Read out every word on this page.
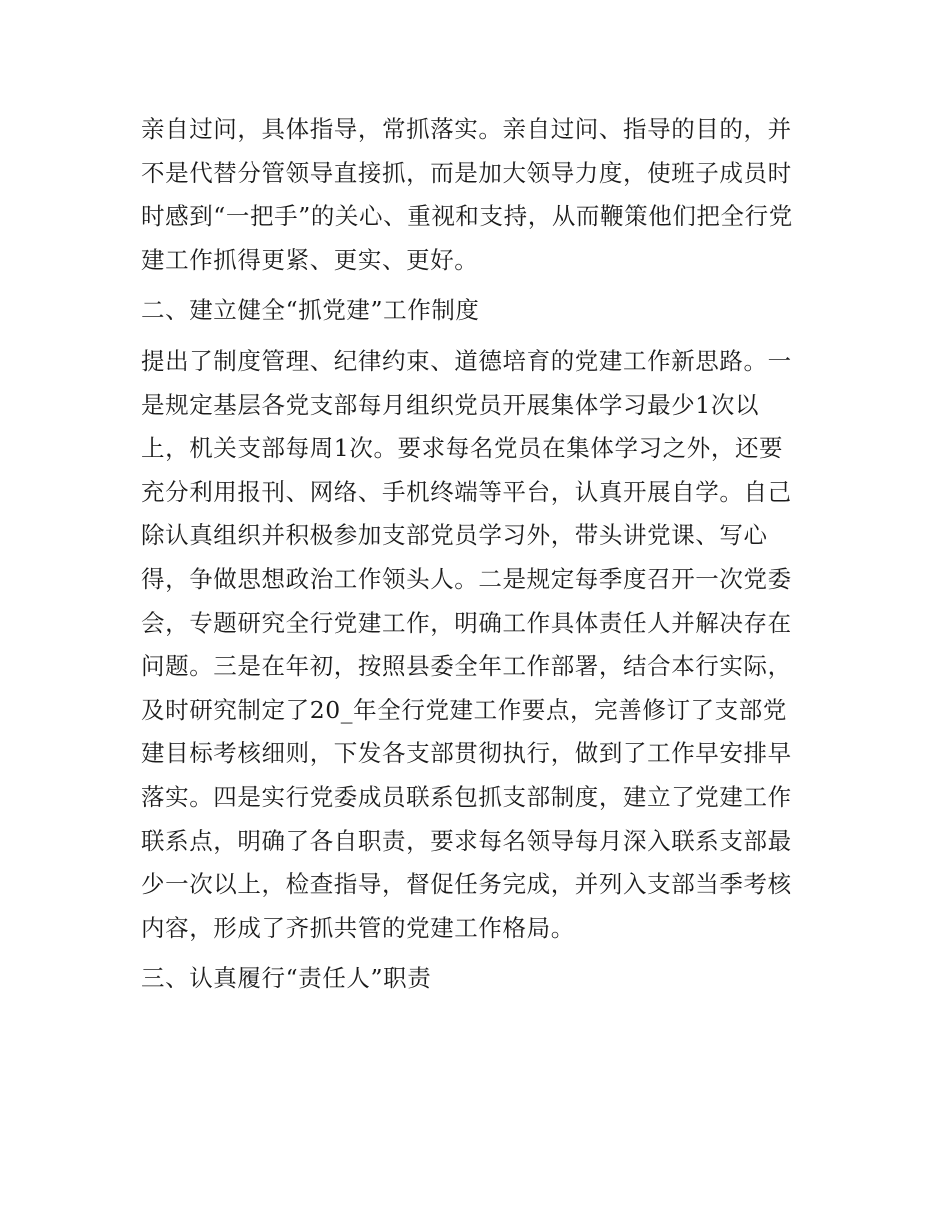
亲自过问，具体指导，常抓落实。亲自过问、指导的目的，并
不是代替分管领导直接抓，而是加大领导力度，使班子成员时
时感到“一把手”的关心、重视和支持，从而鞭策他们把全行党
建工作抓得更紧、更实、更好。
二、建立健全“抓党建”工作制度
提出了制度管理、纪律约束、道德培育的党建工作新思路。一
是规定基层各党支部每月组织党员开展集体学习最少1次以
上，机关支部每周1次。要求每名党员在集体学习之外，还要
充分利用报刊、网络、手机终端等平台，认真开展自学。自己
除认真组织并积极参加支部党员学习外，带头讲党课、写心
得，争做思想政治工作领头人。二是规定每季度召开一次党委
会，专题研究全行党建工作，明确工作具体责任人并解决存在
问题。三是在年初，按照县委全年工作部署，结合本行实际，
及时研究制定了20_年全行党建工作要点，完善修订了支部党
建目标考核细则，下发各支部贯彻执行，做到了工作早安排早
落实。四是实行党委成员联系包抓支部制度，建立了党建工作
联系点，明确了各自职责，要求每名领导每月深入联系支部最
少一次以上，检查指导，督促任务完成，并列入支部当季考核
内容，形成了齐抓共管的党建工作格局。
三、认真履行“责任人”职责
